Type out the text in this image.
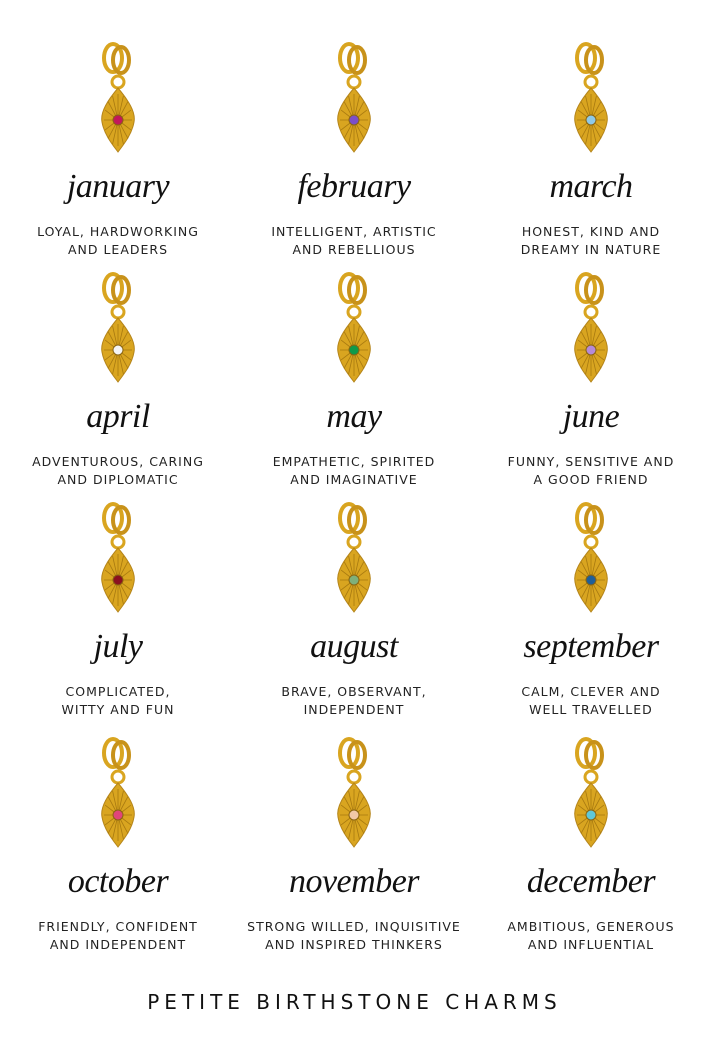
january
LOYAL, HARDWORKING
AND LEADERS
february
INTELLIGENT, ARTISTIC
AND REBELLIOUS
march
HONEST, KIND AND
DREAMY IN NATURE
april
ADVENTUROUS, CARING
AND DIPLOMATIC
may
EMPATHETIC, SPIRITED
AND IMAGINATIVE
june
FUNNY, SENSITIVE AND
A GOOD FRIEND
july
COMPLICATED,
WITTY AND FUN
august
BRAVE, OBSERVANT,
INDEPENDENT
september
CALM, CLEVER AND
WELL TRAVELLED
october
FRIENDLY, CONFIDENT
AND INDEPENDENT
november
STRONG WILLED, INQUISITIVE
AND INSPIRED THINKERS
december
AMBITIOUS, GENEROUS
AND INFLUENTIAL
PETITE BIRTHSTONE CHARMS
